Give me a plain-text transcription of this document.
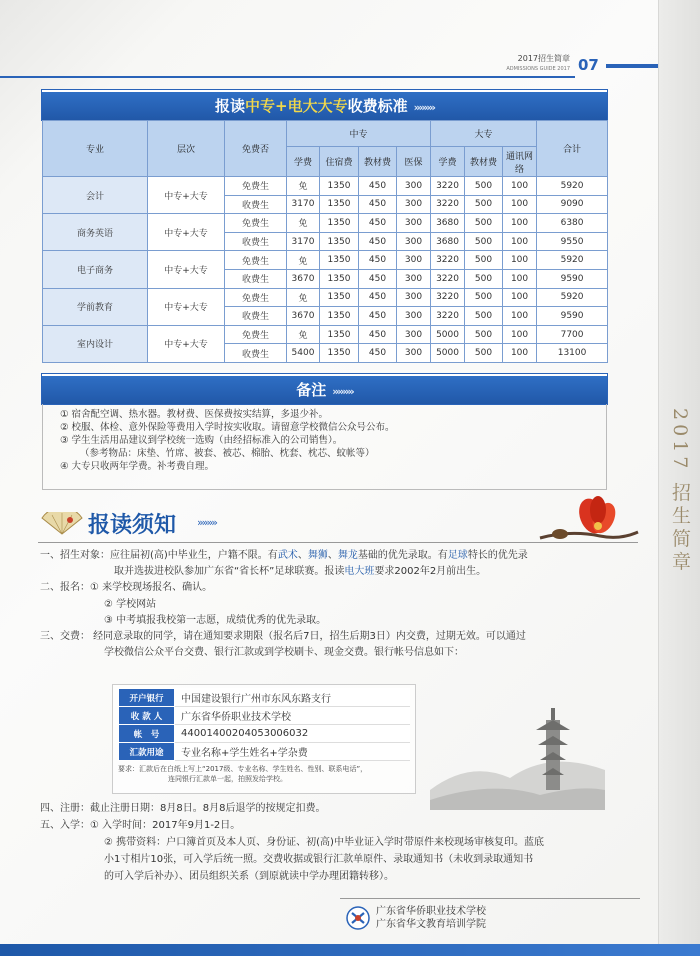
2017 招生简章
2017招生简章
ADMISSIONS GUIDE 2017 07
报读中专+电大大专收费标准 »»»»
专业	层次	免费否	中专				大专			合计
			学费	住宿费	教材费	医保	学费	教材费	通讯网络	
会计	中专+大专	免费生	免	1350	450	300	3220	500	100	5920
		收费生	3170	1350	450	300	3220	500	100	9090
商务英语	中专+大专	免费生	免	1350	450	300	3680	500	100	6380
		收费生	3170	1350	450	300	3680	500	100	9550
电子商务	中专+大专	免费生	免	1350	450	300	3220	500	100	5920
		收费生	3670	1350	450	300	3220	500	100	9590
学前教育	中专+大专	免费生	免	1350	450	300	3220	500	100	5920
		收费生	3670	1350	450	300	3220	500	100	9590
室内设计	中专+大专	免费生	免	1350	450	300	5000	500	100	7700
		收费生	5400	1350	450	300	5000	500	100	13100
备注 »»»»
① 宿舍配空调、热水器。教材费、医保费按实结算，多退少补。
② 校服、体检、意外保险等费用入学时按实收取。请留意学校微信公众号公布。
③ 学生生活用品建议到学校统一选购（由经招标准入的公司销售）。
（参考物品：床垫、竹席、被套、被芯、棉胎、枕套、枕芯、蚊帐等）
④ 大专只收两年学费。补考费自理。
报读须知 »»»»

一、招生对象：应往届初(高)中毕业生，户籍不限。有武术、舞狮、舞龙基础的优先录取。有足球特长的优先录

取并选拔进校队参加广东省“省长杯”足球联赛。报读电大班要求2002年2月前出生。

二、报名：① 来学校现场报名、确认。

② 学校网站

③ 中考填报我校第一志愿，成绩优秀的优先录取。

三、交费： 经同意录取的同学，请在通知要求期限（报名后7日，招生后期3日）内交费，过期无效。可以通过

学校微信公众平台交费、银行汇款或到学校刷卡、现金交费。银行帐号信息如下：

开户银行	中国建设银行广州市东风东路支行
收 款 人	广东省华侨职业技术学校
帐　号	44001400204053006032
汇款用途	专业名称+学生姓名+学杂费
要求：汇款后在白纸上写上“2017级、专业名称、学生姓名、性别、联系电话”，
连同银行汇款单一起，拍照发给学校。

四、注册：截止注册日期：8月8日。8月8后退学的按规定扣费。

五、入学：① 入学时间：2017年9月1-2日。

② 携带资料：户口簿首页及本人页、身份证、初(高)中毕业证入学时带原件来校现场审核复印。蓝底

小1寸相片10张，可入学后统一照。交费收据或银行汇款单原件、录取通知书（未收到录取通知书

的可入学后补办）、团员组织关系（到原就读中学办理团籍转移）。

广东省华侨职业技术学校
广东省华文教育培训学院
